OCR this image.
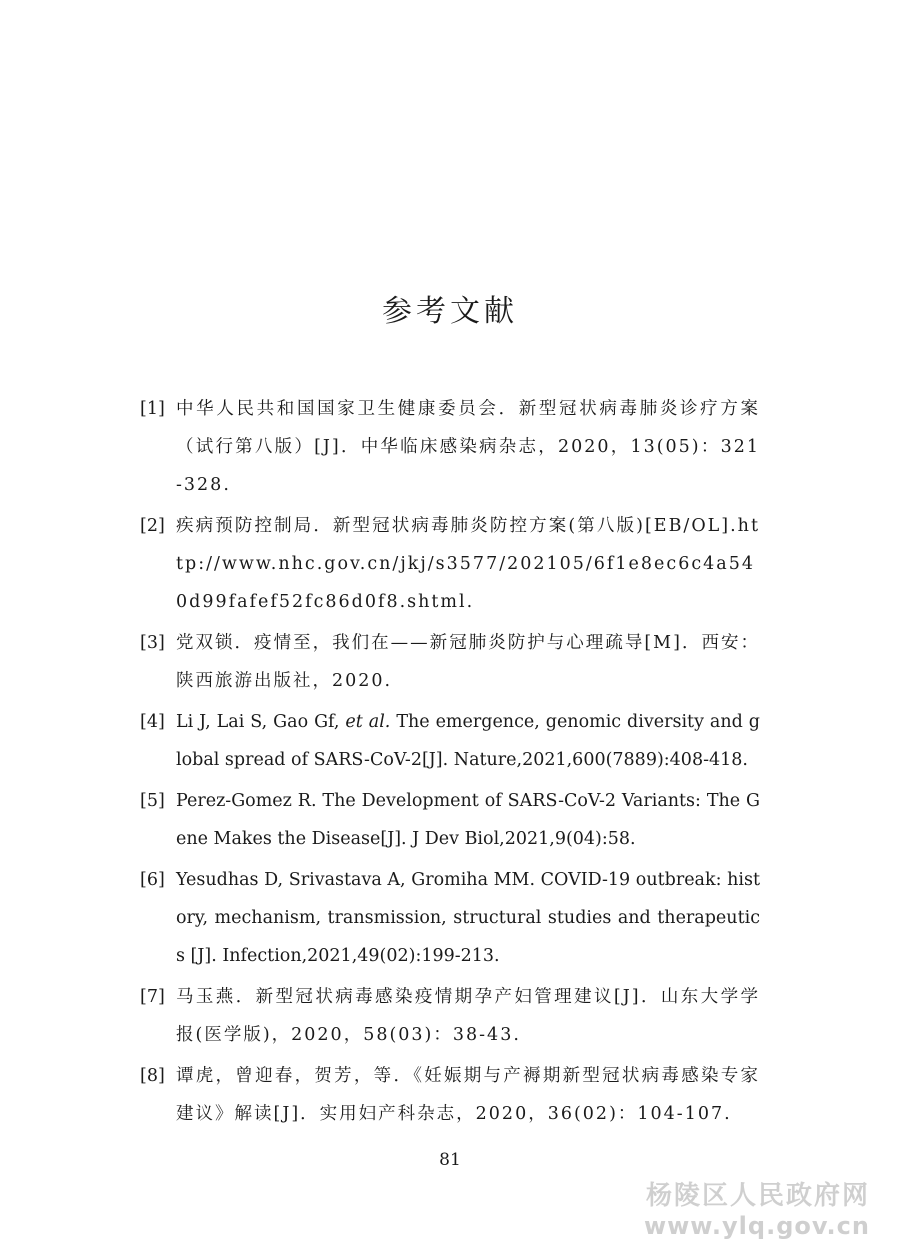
参考文献
[1] 中华人民共和国国家卫生健康委员会．新型冠状病毒肺炎诊疗方案（试行第八版）[J]．中华临床感染病杂志，2020，13(05)：321-328.
[2] 疾病预防控制局．新型冠状病毒肺炎防控方案(第八版)[EB/OL].http://www.nhc.gov.cn/jkj/s3577/202105/6f1e8ec6c4a540d99fafef52fc86d0f8.shtml.
[3] 党双锁．疫情至，我们在——新冠肺炎防护与心理疏导[M]．西安：陕西旅游出版社，2020.
[4] Li J, Lai S, Gao Gf, et al. The emergence, genomic diversity and global spread of SARS-CoV-2[J]. Nature,2021,600(7889):408-418.
[5] Perez-Gomez R. The Development of SARS-CoV-2 Variants: The Gene Makes the Disease[J]. J Dev Biol,2021,9(04):58.
[6] Yesudhas D, Srivastava A, Gromiha MM. COVID-19 outbreak: history, mechanism, transmission, structural studies and therapeutics [J]. Infection,2021,49(02):199-213.
[7] 马玉燕．新型冠状病毒感染疫情期孕产妇管理建议[J]．山东大学学报(医学版)，2020，58(03)：38-43.
[8] 谭虎，曾迎春，贺芳，等．《妊娠期与产褥期新型冠状病毒感染专家建议》解读[J]．实用妇产科杂志，2020，36(02)：104-107.
81
杨陵区人民政府网
www.ylq.gov.cn
